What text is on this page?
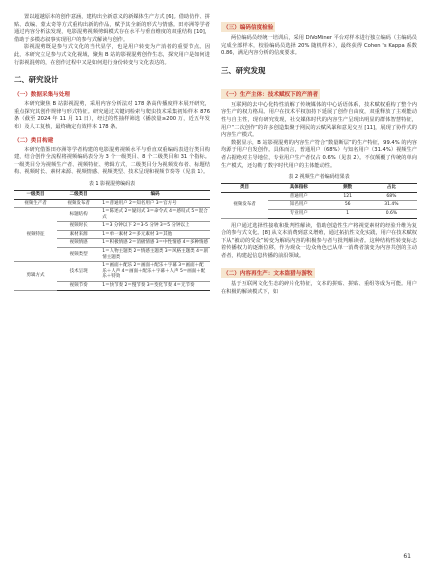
置以超越原本的创作意涵，建构出全新意义的新媒体生产方式 [6]。借助仿作、拼贴、改编、蒙太奇等方式重构出新的作品，赋予其全新的形式与情感。田亦洲等学者通过内容分析法发现，电影混剪视频剪辑模式存在水平与垂直维度的双重结构 [10]，借助于多模态叙事实现用户的参与式解读与创作。

影视混剪既是参与式文化的当代显学，也是用户转变为产消者的重要节点。因此，本研究立足参与式文化视域，聚焦 B 站的影视混剪创作生态，探究用户是如何进行影视混剪的，在创作过程中又是如何进行身份转变与文化表达的。

二、研究设计
（一）数据采集与处理

本研究聚焦 B 站影视混剪，采用内容分析法对 178 条高传播度样本展开研究，重点探究其创作规律与形式特征。研究通过关键词检索与爬虫技术采集初始样本 876 条（截至 2024 年 11 月 11 日），经过的性抽样筛选（播放量≥200 万，近五年发布）及人工复核，最终确定有效样本 178 条。

（二）类目构建

本研究借鉴田亦洲等学者构建的电影混剪视频水平与垂直双重编码表进行类目构建，结合创作全流程将视频编码表分为 3 个一级类目、8 个二级类目和 31 个指标。一级类目分为视频生产者、视频特征、剪辑方式，二级类目分为视频发布者、标题结构、视频时长、素材来源、视频情感、视频类型、技术呈现和视频节奏等（见表 1）。

表 1 影视混剪编码表
一级类目	二级类目	编码
视频生产者	视频发布者	1＝普通用户 2＝知名用户 3＝官方号
视频特征	标题结构	1＝陈述式 2＝疑问式 3＝命令式 4＝感叹式 5＝混合式
	视频时长	1＝3 分钟以下 2＝3-5 分钟 3＝5 分钟以上
	素材来源	1＝单一素材 2＝多元素材 3＝其他
	视频情感	1＝积极情感 2＝消极情感 3＝中性情感 4＝多种情感
	视频类型	1＝人物主题类 2＝情感主题类 3＝风格主题类 4＝剧情主题类
剪辑方式	技术呈现	1＝画面＋配乐 2＝画面＋配乐＋字幕 3＝画面＋配乐＋人声 4＝画面＋配乐＋字幕＋人声 5＝画面＋配乐＋特效
	视频节奏	1＝快节奏 2＝慢节奏 3＝变化节奏 4＝无节奏
（三）编码信度检验

两位编码员经统一培训后，采用 DiVoMiner 平台对样本进行独立编码（主编码员完成全部样本，校验编码员选择 20% 随机样本），最终获得 Cohen 's Kappa 系数 0.86，满足内容分析的信度要求。

三、研究发现
（一）生产主体：技术赋权下的产消者

互联网的去中心化特性消解了传统媒体的中心话语体系，技术赋权重构了整个内容生产的权力格局。用户在技术平权加持下延展了创作自由度，双重释放了主观能动性与自主性，现有研究发现，社交媒体时代的内容生产呈现出明显的群体智慧特征，用户“二次创作”的许多创造集聚于网民的云赋风暴和意见交互 [11]，展现了协作式的内容生产模式。

数据显示，B 站影视混剪的内容生产符合“数量断层”的生产特征，99.4% 的内容均源于用户自发创作。具体而言，普通用户（68%）与知名用户（31.4%）视频生产者占据绝对主导地位，专业用户生产者仅占 0.6%（见表 2）。不仅颠覆了传统的单向生产模式，还勾勒了数字时代用户的主体能动性。

表 2 视频生产者编码结果表
类目	具体指标	频数	占比
视频发布者	普通用户	121	68%
	知名用户	56	31.4%
	专业用户	1	0.6%

用户通过选择性接收和批判性解读，借助创造性生产将视觉素材的经验升维为复合的参与式文化。[8] 从文本消费到意义增殖，通过拓抗性文化实践，用户在技术赋权下从“被动的受众”转变为解码内容的积极参与者与批判解读者。这种结构性转变标志着传播权力的逐渐位移，作为观众一边众角色已从单一消费者演变为内容共创的主动者者，构建起信息传播的前沿领域。

（二）内容再生产：文本盗猎与游牧

基于互联网文化生态的碎片化特征，文本的拼贴、拼贴、重组等成为可能。用户在积极的解读模式下，如

61
